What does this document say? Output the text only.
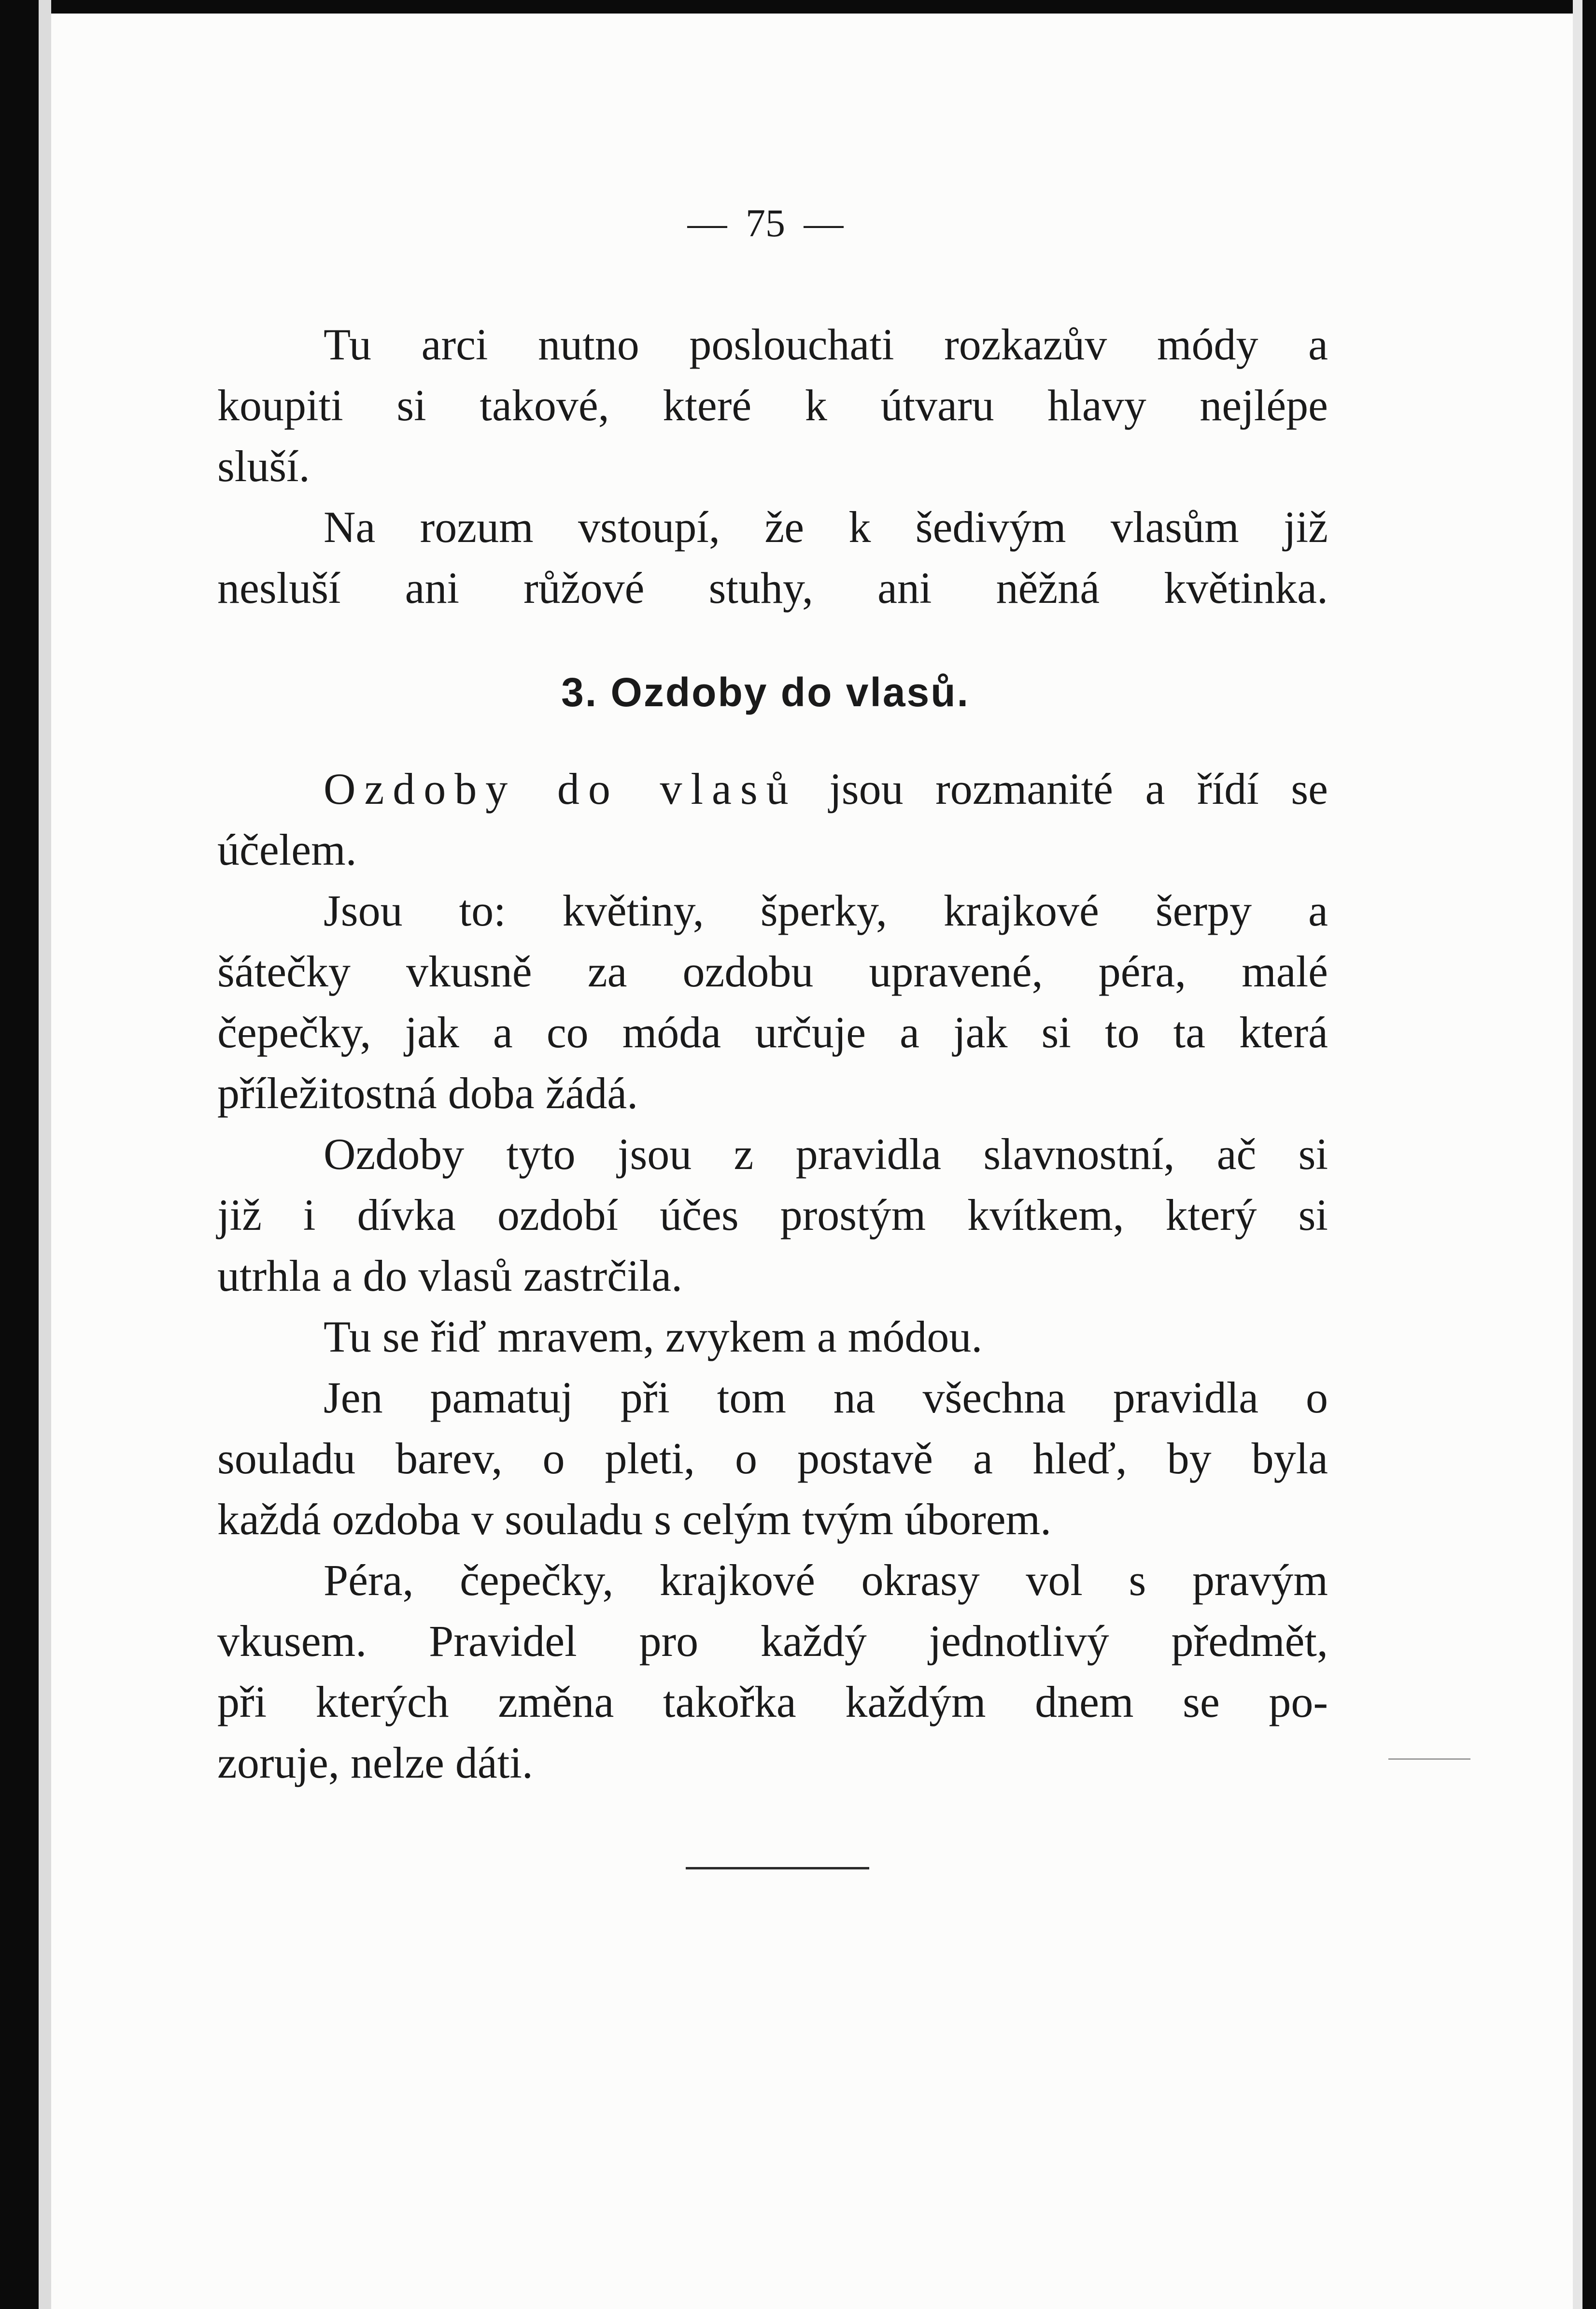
— 75 —
Tu arci nutno poslouchati rozkazův módy a
koupiti si takové, které k útvaru hlavy nejlépe
sluší.
Na rozum vstoupí, že k šedivým vlasům již
nesluší ani růžové stuhy, ani něžná květinka.
3. Ozdoby do vlasů.
Ozdoby do vlasů jsou rozmanité a řídí se
účelem.
Jsou to: květiny, šperky, krajkové šerpy a
šátečky vkusně za ozdobu upravené, péra, malé
čepečky, jak a co móda určuje a jak si to ta která
příležitostná doba žádá.
Ozdoby tyto jsou z pravidla slavnostní, ač si
již i dívka ozdobí účes prostým kvítkem, který si
utrhla a do vlasů zastrčila.
Tu se řiď mravem, zvykem a módou.
Jen pamatuj při tom na všechna pravidla o
souladu barev, o pleti, o postavě a hleď, by byla
každá ozdoba v souladu s celým tvým úborem.
Péra, čepečky, krajkové okrasy vol s pravým
vkusem. Pravidel pro každý jednotlivý předmět,
při kterých změna takořka každým dnem se po-
zoruje, nelze dáti.
